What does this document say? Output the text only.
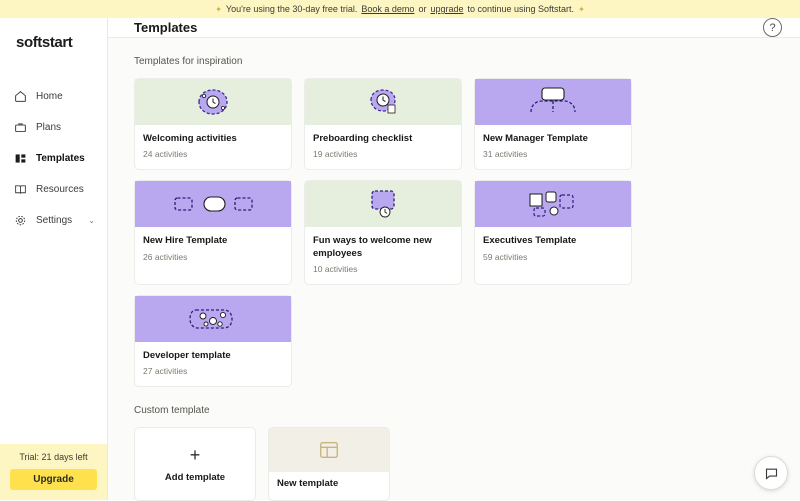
✦ You're using the 30-day free trial. Book a demo or upgrade to continue using Softstart. ✦
softstart
Home
Plans
Templates
Resources
Settings ⌄
Trial: 21 days left
Upgrade
Templates	?
Templates for inspiration
Welcoming activities
24 activities
Preboarding checklist
19 activities
New Manager Template
31 activities
New Hire Template
26 activities
Fun ways to welcome new employees
10 activities
Executives Template
59 activities
Developer template
27 activities
Custom template
+
Add template
New template
